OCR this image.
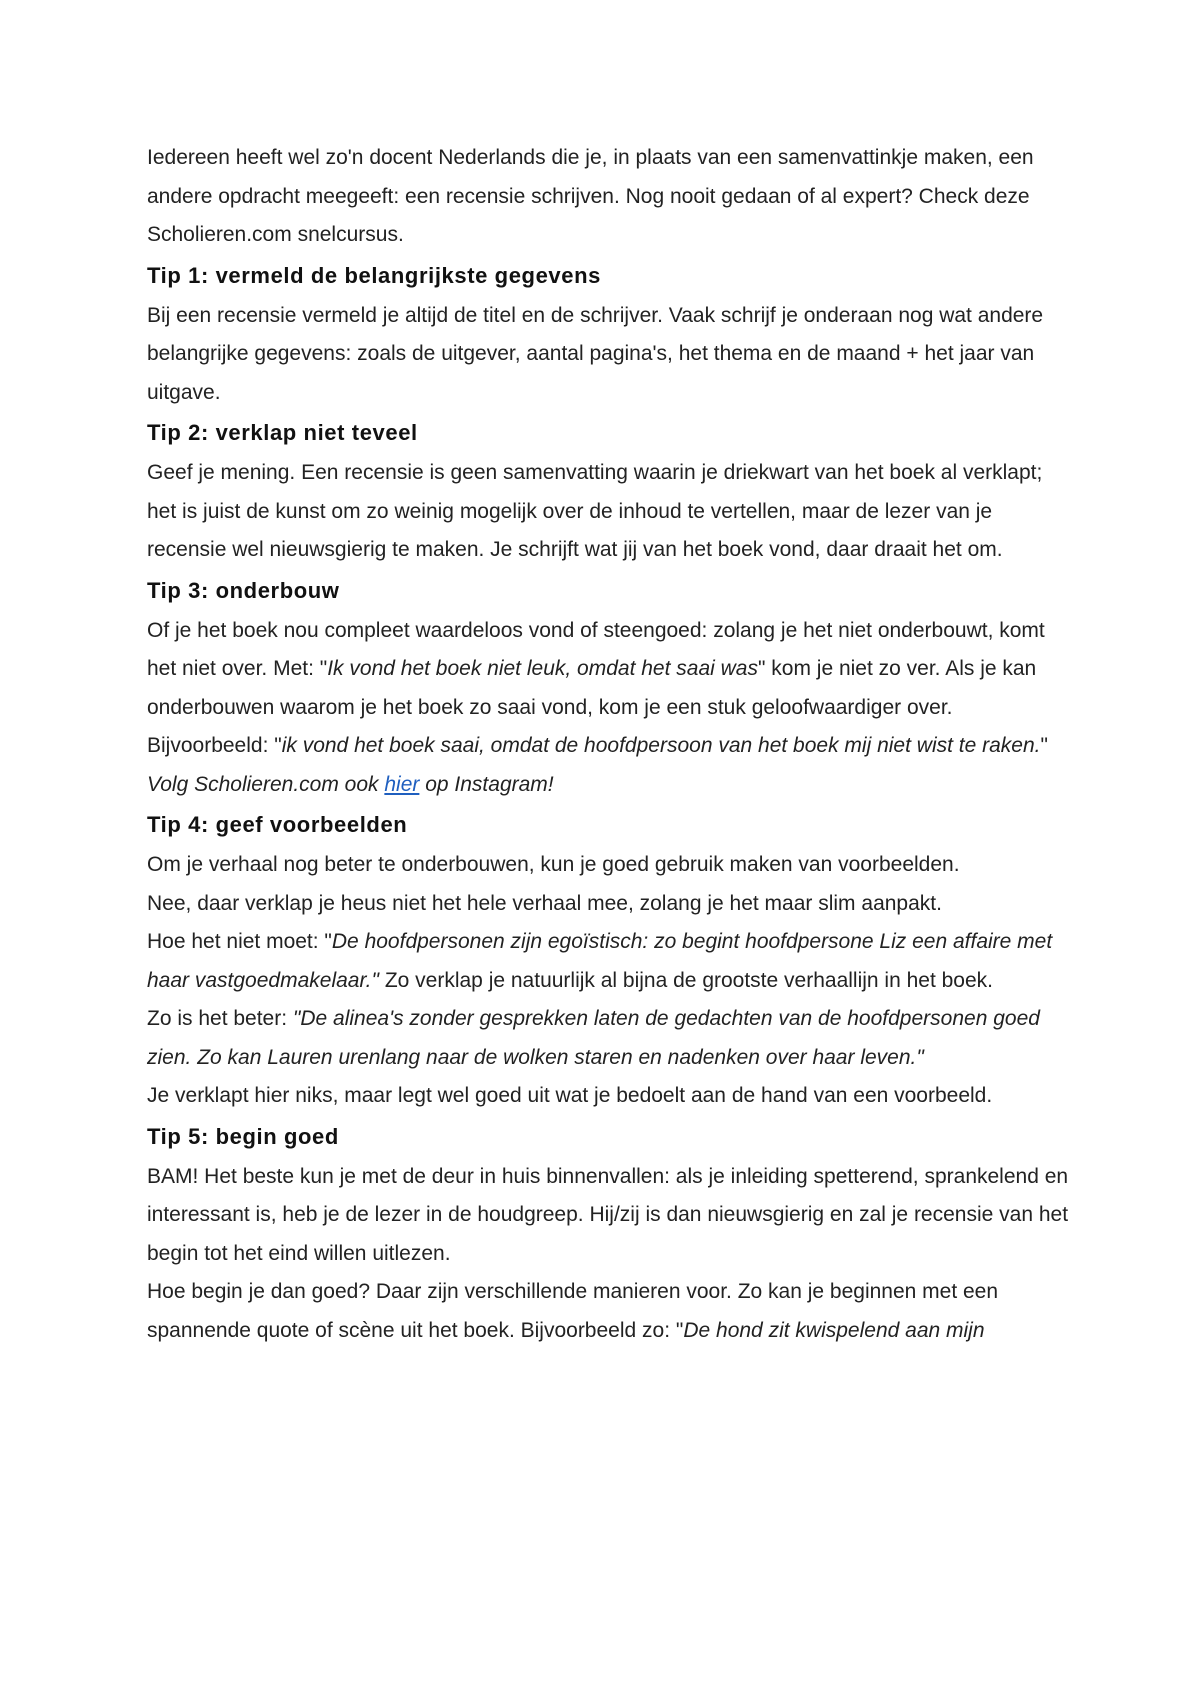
Iedereen heeft wel zo'n docent Nederlands die je, in plaats van een samenvattinkje maken, een andere opdracht meegeeft: een recensie schrijven. Nog nooit gedaan of al expert? Check deze Scholieren.com snelcursus.

Tip 1: vermeld de belangrijkste gegevens

Bij een recensie vermeld je altijd de titel en de schrijver. Vaak schrijf je onderaan nog wat andere belangrijke gegevens: zoals de uitgever, aantal pagina's, het thema en de maand + het jaar van uitgave.

Tip 2: verklap niet teveel

Geef je mening. Een recensie is geen samenvatting waarin je driekwart van het boek al verklapt; het is juist de kunst om zo weinig mogelijk over de inhoud te vertellen, maar de lezer van je recensie wel nieuwsgierig te maken. Je schrijft wat jij van het boek vond, daar draait het om.

Tip 3: onderbouw

Of je het boek nou compleet waardeloos vond of steengoed: zolang je het niet onderbouwt, komt het niet over. Met: "Ik vond het boek niet leuk, omdat het saai was" kom je niet zo ver. Als je kan onderbouwen waarom je het boek zo saai vond, kom je een stuk geloofwaardiger over. Bijvoorbeeld: "ik vond het boek saai, omdat de hoofdpersoon van het boek mij niet wist te raken."

Volg Scholieren.com ook hier op Instagram!

Tip 4: geef voorbeelden

Om je verhaal nog beter te onderbouwen, kun je goed gebruik maken van voorbeelden.

Nee, daar verklap je heus niet het hele verhaal mee, zolang je het maar slim aanpakt.

Hoe het niet moet: "De hoofdpersonen zijn egoïstisch: zo begint hoofdpersone Liz een affaire met haar vastgoedmakelaar." Zo verklap je natuurlijk al bijna de grootste verhaallijn in het boek.

Zo is het beter: "De alinea's zonder gesprekken laten de gedachten van de hoofdpersonen goed zien. Zo kan Lauren urenlang naar de wolken staren en nadenken over haar leven."

Je verklapt hier niks, maar legt wel goed uit wat je bedoelt aan de hand van een voorbeeld.

Tip 5: begin goed

BAM! Het beste kun je met de deur in huis binnenvallen: als je inleiding spetterend, sprankelend en interessant is, heb je de lezer in de houdgreep. Hij/zij is dan nieuwsgierig en zal je recensie van het begin tot het eind willen uitlezen.

Hoe begin je dan goed? Daar zijn verschillende manieren voor. Zo kan je beginnen met een spannende quote of scène uit het boek. Bijvoorbeeld zo: "De hond zit kwispelend aan mijn
